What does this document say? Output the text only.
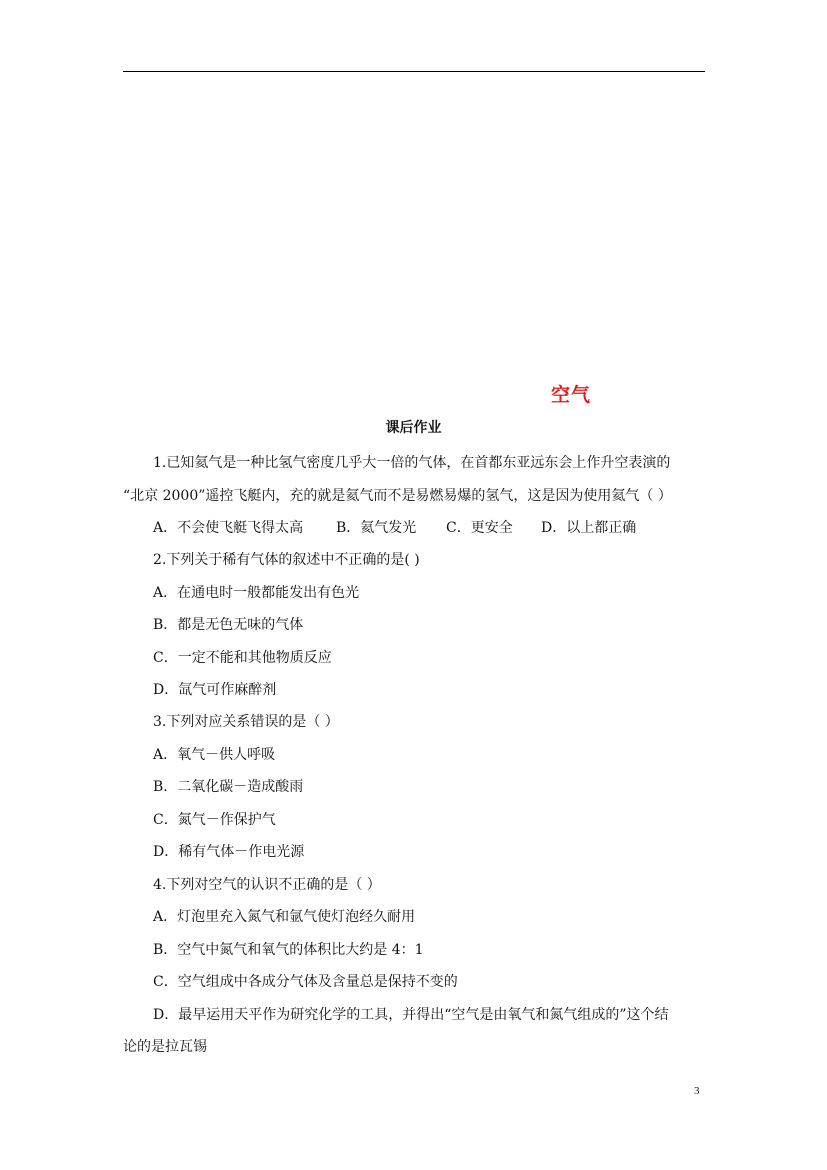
空气
课后作业
1.已知氦气是一种比氢气密度几乎大一倍的气体，在首都东亚远东会上作升空表演的
“北京 2000”遥控飞艇内，充的就是氦气而不是易燃易爆的氢气，这是因为使用氦气（ ）
A．不会使飞艇飞得太高 B．氦气发光 C．更安全 D．以上都正确
2.下列关于稀有气体的叙述中不正确的是( )
A．在通电时一般都能发出有色光
B．都是无色无味的气体
C．一定不能和其他物质反应
D．氙气可作麻醉剂
3.下列对应关系错误的是（ ）
A．氧气－供人呼吸
B．二氧化碳－造成酸雨
C．氮气－作保护气
D．稀有气体－作电光源
4.下列对空气的认识不正确的是（ ）
A．灯泡里充入氮气和氩气使灯泡经久耐用
B．空气中氮气和氧气的体积比大约是 4：1
C．空气组成中各成分气体及含量总是保持不变的
D．最早运用天平作为研究化学的工具，并得出“空气是由氧气和氮气组成的”这个结
论的是拉瓦锡
3
